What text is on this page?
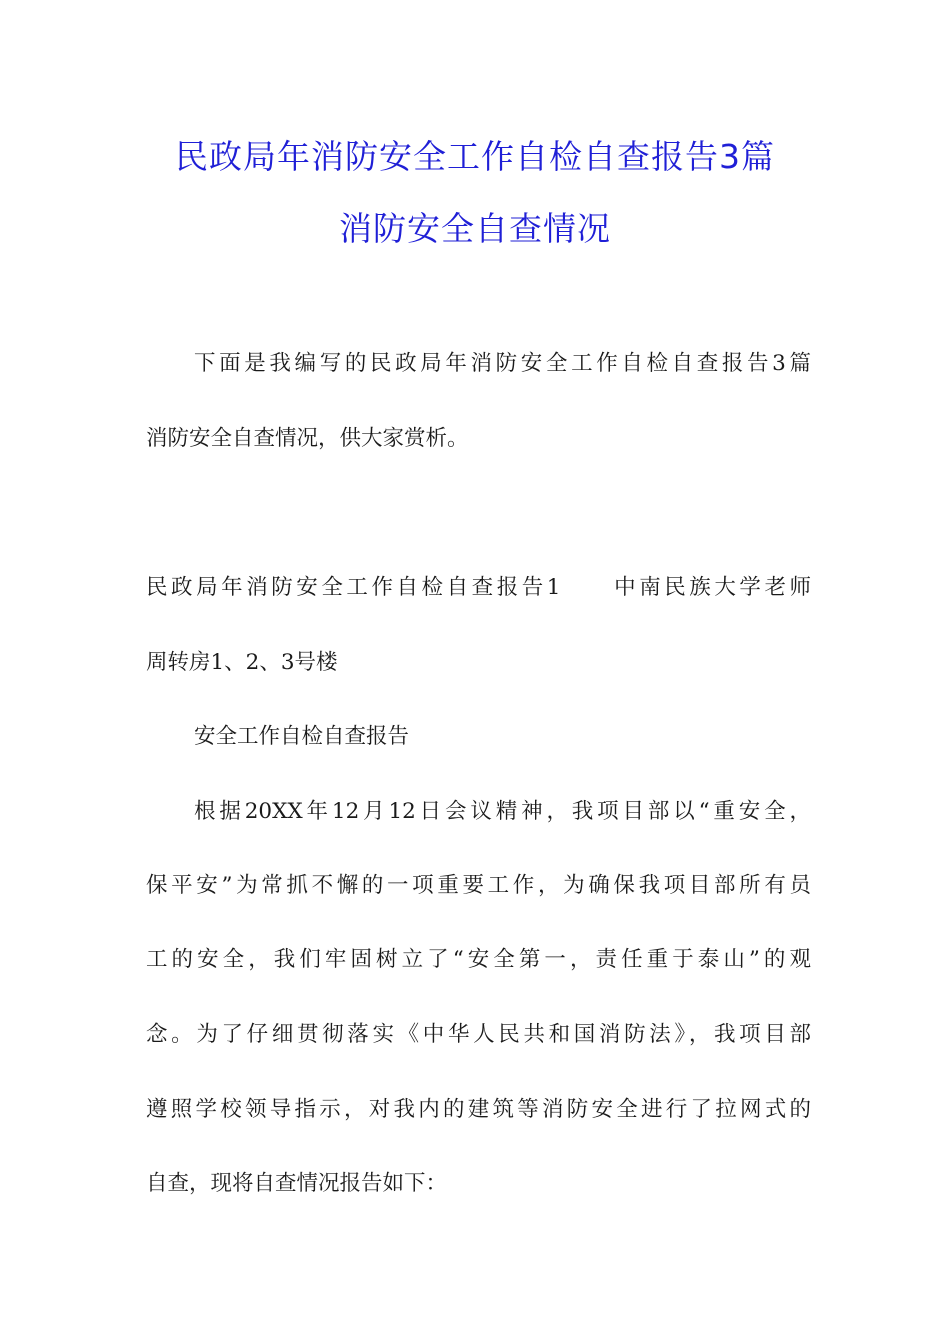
民政局年消防安全工作自检自查报告3篇
消防安全自查情况
下面是我编写的民政局年消防安全工作自检自查报告3篇
消防安全自查情况，供大家赏析。
民政局年消防安全工作自检自查报告1　　中南民族大学老师
周转房1、2、3号楼
安全工作自检自查报告
根据20XX年12月12日会议精神，我项目部以“重安全，
保平安”为常抓不懈的一项重要工作，为确保我项目部所有员
工的安全，我们牢固树立了“安全第一，责任重于泰山”的观
念。为了仔细贯彻落实《中华人民共和国消防法》，我项目部
遵照学校领导指示，对我内的建筑等消防安全进行了拉网式的
自查，现将自查情况报告如下：
